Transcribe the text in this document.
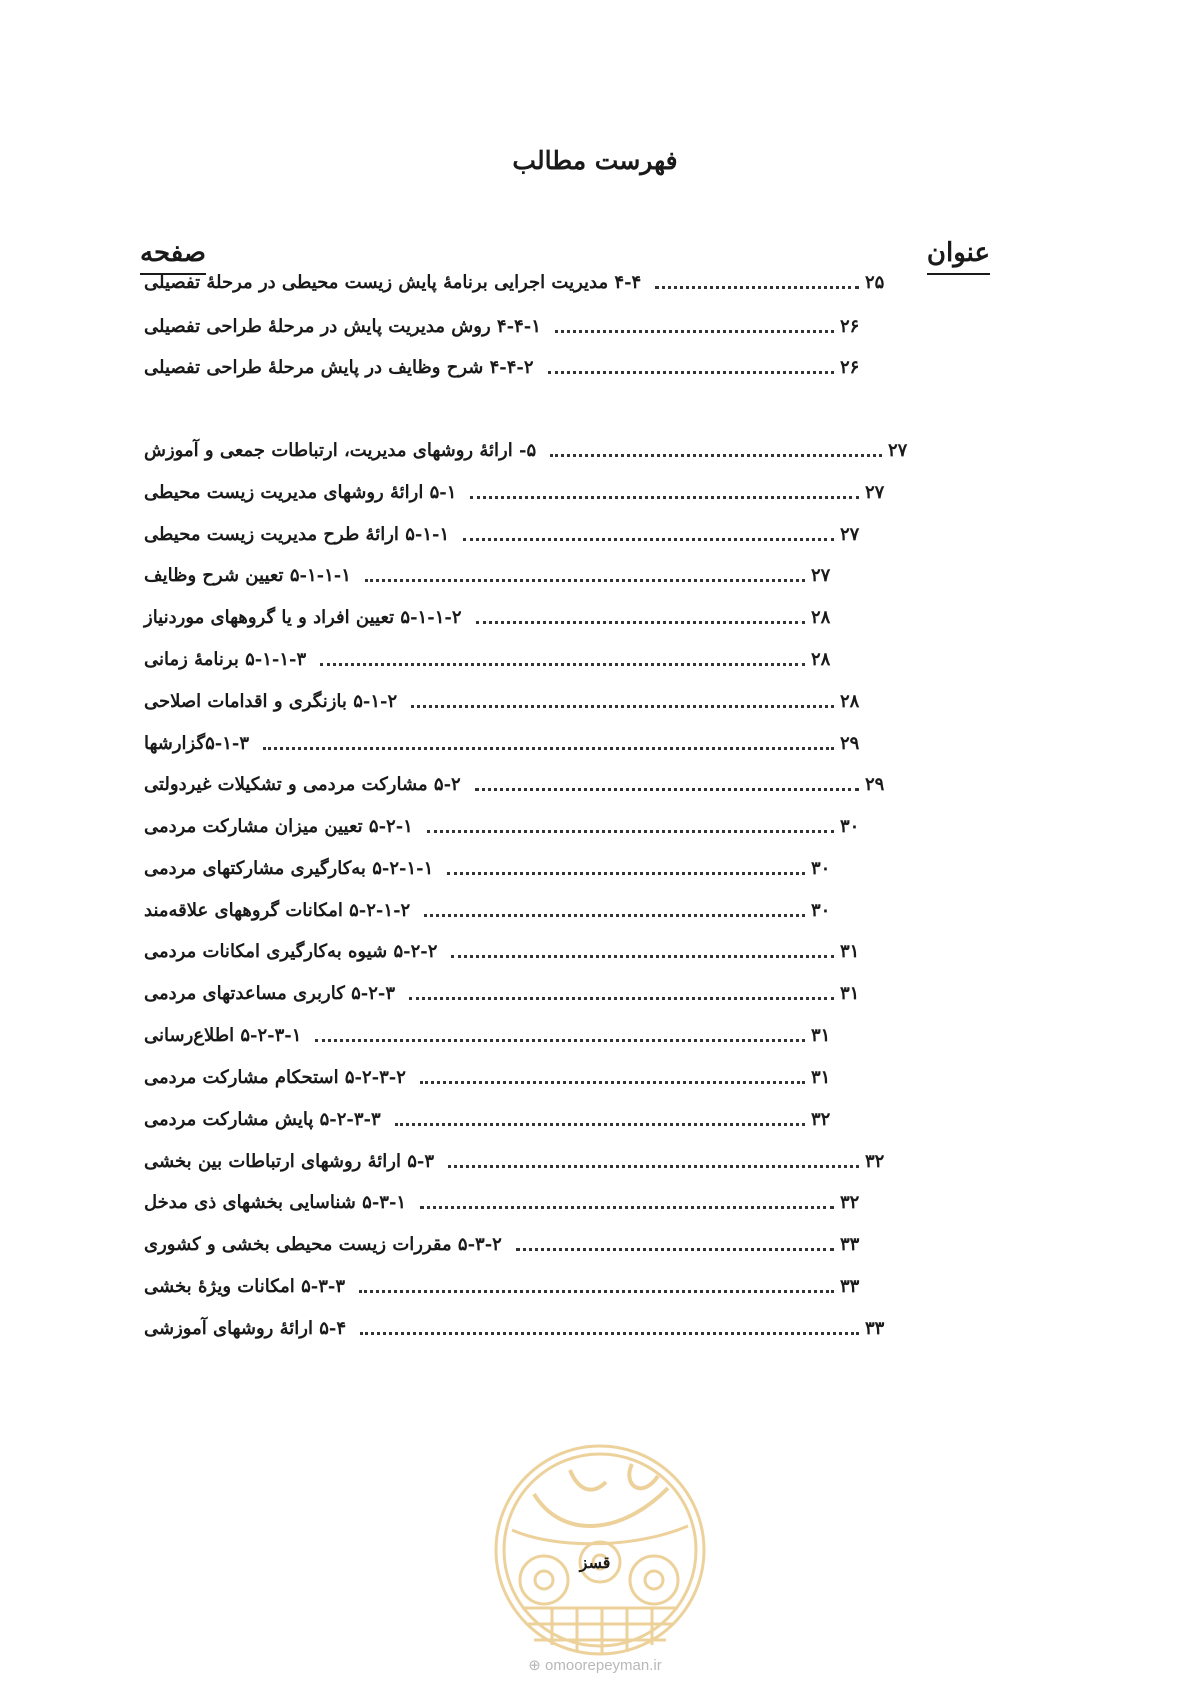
فهرست مطالب
عنوان
صفحه
۴-۴ مدیریت اجرایی برنامهٔ پایش زیست محیطی در مرحلهٔ تفصیلی	۲۵
۴-۴-۱ روش مدیریت پایش در مرحلهٔ طراحی تفصیلی	۲۶
۴-۴-۲ شرح وظایف در پایش مرحلهٔ طراحی تفصیلی	۲۶
۵- ارائهٔ روشهای مدیریت، ارتباطات جمعی و آموزش	۲۷
۵-۱ ارائهٔ روشهای مدیریت زیست محیطی	۲۷
۵-۱-۱ ارائهٔ طرح مدیریت زیست محیطی	۲۷
۵-۱-۱-۱ تعیین شرح وظایف	۲۷
۵-۱-۱-۲ تعیین افراد و یا گروههای موردنیاز	۲۸
۵-۱-۱-۳ برنامهٔ زمانی	۲۸
۵-۱-۲ بازنگری و اقدامات اصلاحی	۲۸
۵-۱-۳گزارشها	۲۹
۵-۲ مشارکت مردمی و تشکیلات غیردولتی	۲۹
۵-۲-۱ تعیین میزان مشارکت مردمی	۳۰
۵-۲-۱-۱ به‌کارگیری مشارکتهای مردمی	۳۰
۵-۲-۱-۲ امکانات گروههای علاقه‌مند	۳۰
۵-۲-۲ شیوه به‌کارگیری امکانات مردمی	۳۱
۵-۲-۳ کاربری مساعدتهای مردمی	۳۱
۵-۲-۳-۱ اطلاع‌رسانی	۳۱
۵-۲-۳-۲ استحکام مشارکت مردمی	۳۱
۵-۲-۳-۳ پایش مشارکت مردمی	۳۲
۵-۳ ارائهٔ روشهای ارتباطات بین بخشی	۳۲
۵-۳-۱ شناسایی بخشهای ذی مدخل	۳۲
۵-۳-۲ مقررات زیست محیطی بخشی و کشوری	۳۳
۵-۳-۳ امکانات ویژهٔ بخشی	۳۳
۵-۴ ارائهٔ روشهای آموزشی	۳۳
قسز
⊕ omoorepeyman.ir
